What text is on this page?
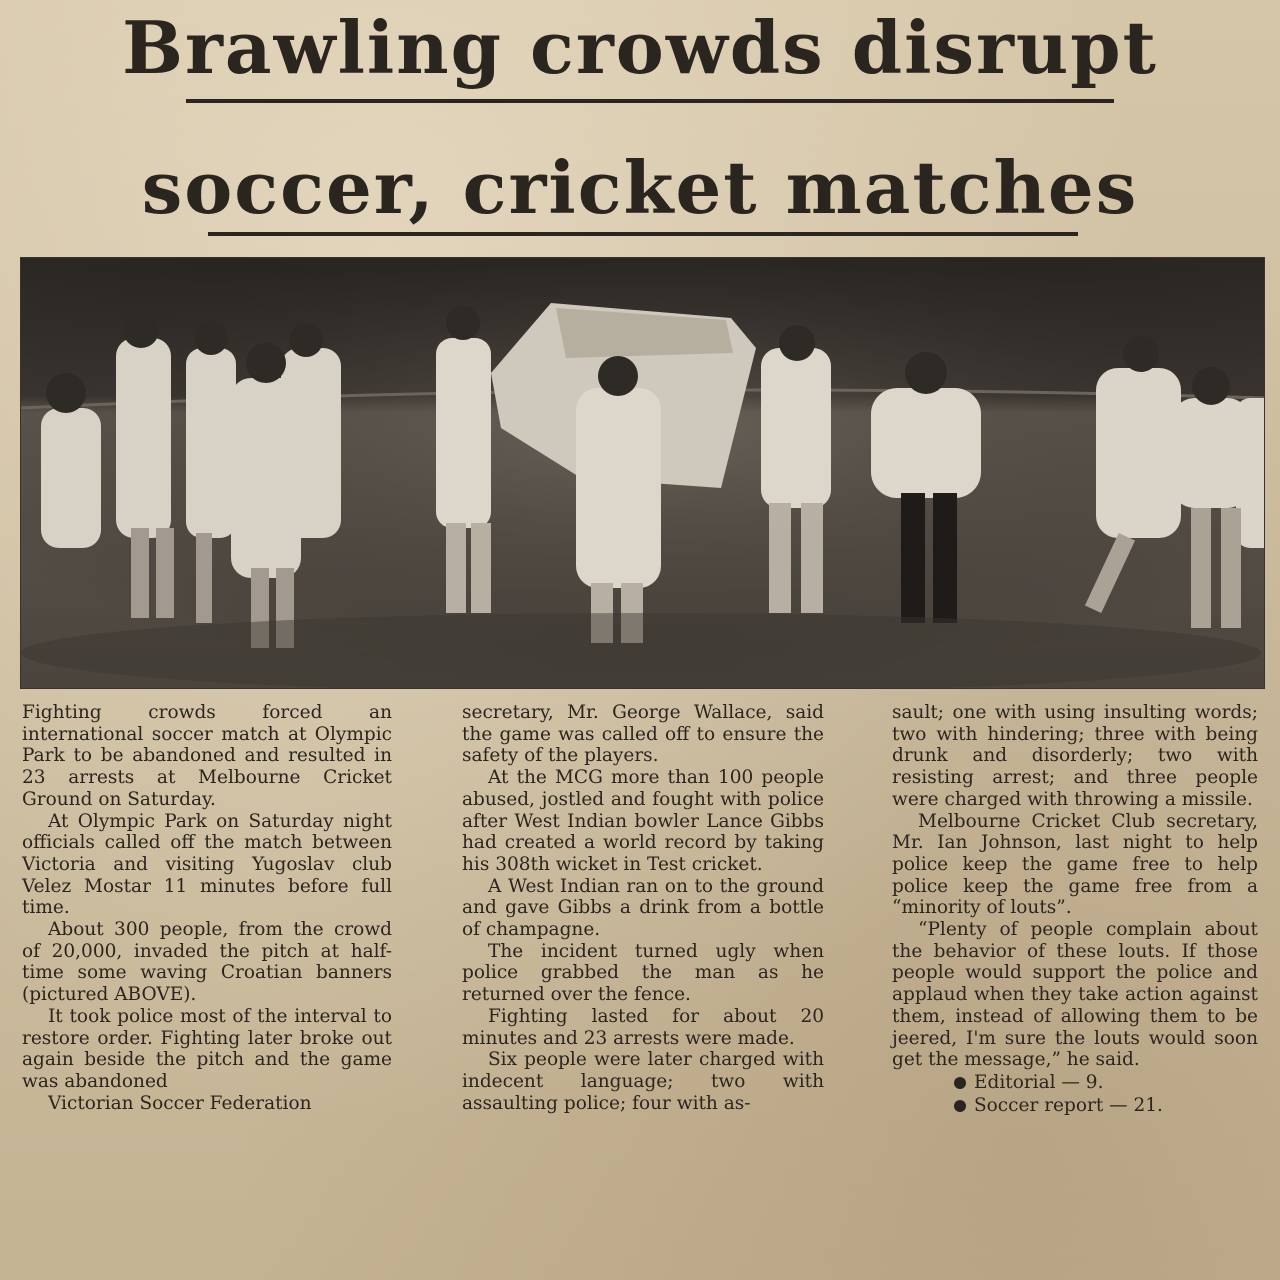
Brawling crowds disrupt
soccer, cricket matches

Fighting crowds forced an international soccer match at Olympic Park to be abandoned and resulted in 23 arrests at Melbourne Cricket Ground on Saturday.

At Olympic Park on Saturday night officials called off the match between Victoria and visiting Yugoslav club Velez Mostar 11 minutes before full time.

About 300 people, from the crowd of 20,000, invaded the pitch at half-time some waving Croatian banners (pictured ABOVE).

It took police most of the interval to restore order. Fighting later broke out again beside the pitch and the game was abandoned

Victorian Soccer Federation

secretary, Mr. George Wallace, said the game was called off to ensure the safety of the players.

At the MCG more than 100 people abused, jostled and fought with police after West Indian bowler Lance Gibbs had created a world record by taking his 308th wicket in Test cricket.

A West Indian ran on to the ground and gave Gibbs a drink from a bottle of champagne.

The incident turned ugly when police grabbed the man as he returned over the fence.

Fighting lasted for about 20 minutes and 23 arrests were made.

Six people were later charged with indecent language; two with assaulting police; four with as-

sault; one with using insulting words; two with hindering; three with being drunk and disorderly; two with resisting arrest; and three people were charged with throwing a missile.

Melbourne Cricket Club secretary, Mr. Ian Johnson, last night to help police keep the game free to help police keep the game free from a “minority of louts”.

“Plenty of people complain about the behavior of these louts. If those people would support the police and applaud when they take action against them, instead of allowing them to be jeered, I'm sure the louts would soon get the message,” he said.

Editorial — 9.

Soccer report — 21.
